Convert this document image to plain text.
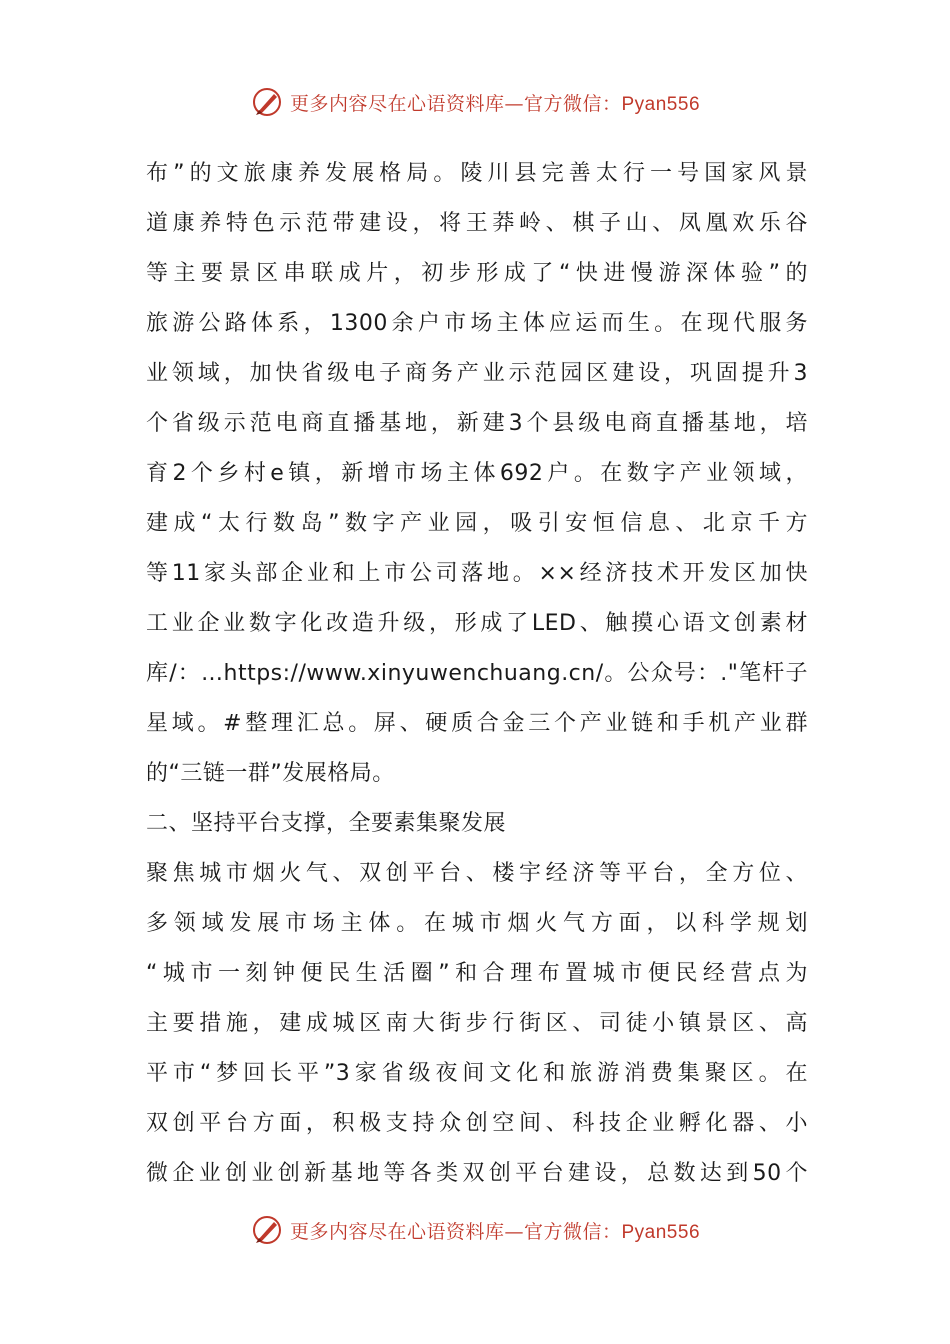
更多内容尽在心语资料库—官方微信：Pyan556
布”的文旅康养发展格局。陵川县完善太行一号国家风景
道康养特色示范带建设，将王莽岭、棋子山、凤凰欢乐谷
等主要景区串联成片，初步形成了“快进慢游深体验”的
旅游公路体系，1300余户市场主体应运而生。在现代服务
业领域，加快省级电子商务产业示范园区建设，巩固提升3
个省级示范电商直播基地，新建3个县级电商直播基地，培
育2个乡村e镇，新增市场主体692户。在数字产业领域，
建成“太行数岛”数字产业园，吸引安恒信息、北京千方
等11家头部企业和上市公司落地。××经济技术开发区加快
工业企业数字化改造升级，形成了LED、触摸心语文创素材
库/：…https://www.xinyuwenchuang.cn/。公众号：."笔杆子
星域。#整理汇总。屏、硬质合金三个产业链和手机产业群
的“三链一群”发展格局。
二、坚持平台支撑，全要素集聚发展
聚焦城市烟火气、双创平台、楼宇经济等平台，全方位、
多领域发展市场主体。在城市烟火气方面，以科学规划
“城市一刻钟便民生活圈”和合理布置城市便民经营点为
主要措施，建成城区南大街步行街区、司徒小镇景区、高
平市“梦回长平”3家省级夜间文化和旅游消费集聚区。在
双创平台方面，积极支持众创空间、科技企业孵化器、小
微企业创业创新基地等各类双创平台建设，总数达到50个
更多内容尽在心语资料库—官方微信：Pyan556
